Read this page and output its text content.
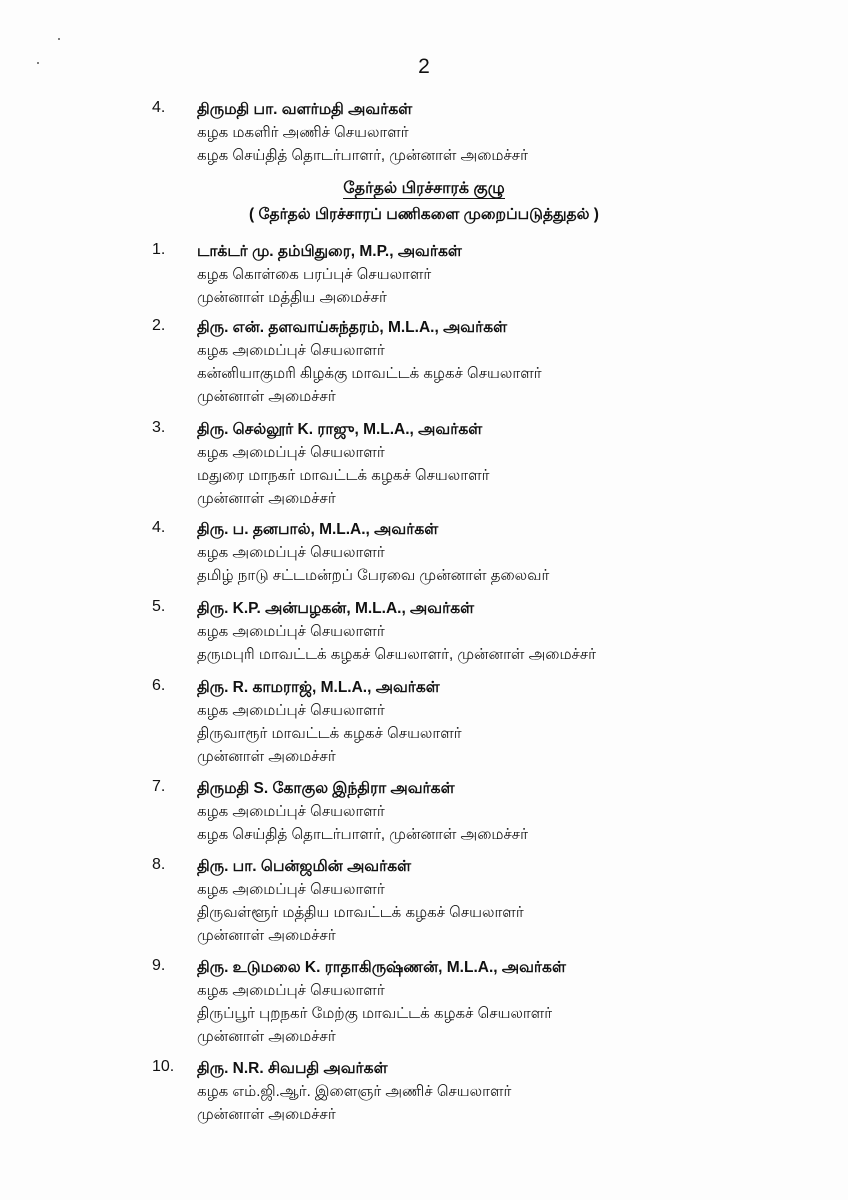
2
4. திருமதி பா. வளர்மதி அவர்கள்
கழக மகளிர் அணிச் செயலாளர்
கழக செய்தித் தொடர்பாளர், முன்னாள் அமைச்சர்
தேர்தல் பிரச்சாரக் குழு
( தேர்தல் பிரச்சாரப் பணிகளை முறைப்படுத்துதல் )
1. டாக்டர் மு. தம்பிதுரை, M.P., அவர்கள்
கழக கொள்கை பரப்புச் செயலாளர்
முன்னாள் மத்திய அமைச்சர்
2. திரு. என். தளவாய்சுந்தரம், M.L.A., அவர்கள்
கழக அமைப்புச் செயலாளர்
கன்னியாகுமரி கிழக்கு மாவட்டக் கழகச் செயலாளர்
முன்னாள் அமைச்சர்
3. திரு. செல்லூர் K. ராஜு, M.L.A., அவர்கள்
கழக அமைப்புச் செயலாளர்
மதுரை மாநகர் மாவட்டக் கழகச் செயலாளர்
முன்னாள் அமைச்சர்
4. திரு. ப. தனபால், M.L.A., அவர்கள்
கழக அமைப்புச் செயலாளர்
தமிழ் நாடு சட்டமன்றப் பேரவை முன்னாள் தலைவர்
5. திரு. K.P. அன்பழகன், M.L.A., அவர்கள்
கழக அமைப்புச் செயலாளர்
தருமபுரி மாவட்டக் கழகச் செயலாளர், முன்னாள் அமைச்சர்
6. திரு. R. காமராஜ், M.L.A., அவர்கள்
கழக அமைப்புச் செயலாளர்
திருவாரூர் மாவட்டக் கழகச் செயலாளர்
முன்னாள் அமைச்சர்
7. திருமதி S. கோகுல இந்திரா அவர்கள்
கழக அமைப்புச் செயலாளர்
கழக செய்தித் தொடர்பாளர், முன்னாள் அமைச்சர்
8. திரு. பா. பென்ஜமின் அவர்கள்
கழக அமைப்புச் செயலாளர்
திருவள்ளூர் மத்திய மாவட்டக் கழகச் செயலாளர்
முன்னாள் அமைச்சர்
9. திரு. உடுமலை K. ராதாகிருஷ்ணன், M.L.A., அவர்கள்
கழக அமைப்புச் செயலாளர்
திருப்பூர் புறநகர் மேற்கு மாவட்டக் கழகச் செயலாளர்
முன்னாள் அமைச்சர்
10. திரு. N.R. சிவபதி அவர்கள்
கழக எம்.ஜி.ஆர். இளைஞர் அணிச் செயலாளர்
முன்னாள் அமைச்சர்
